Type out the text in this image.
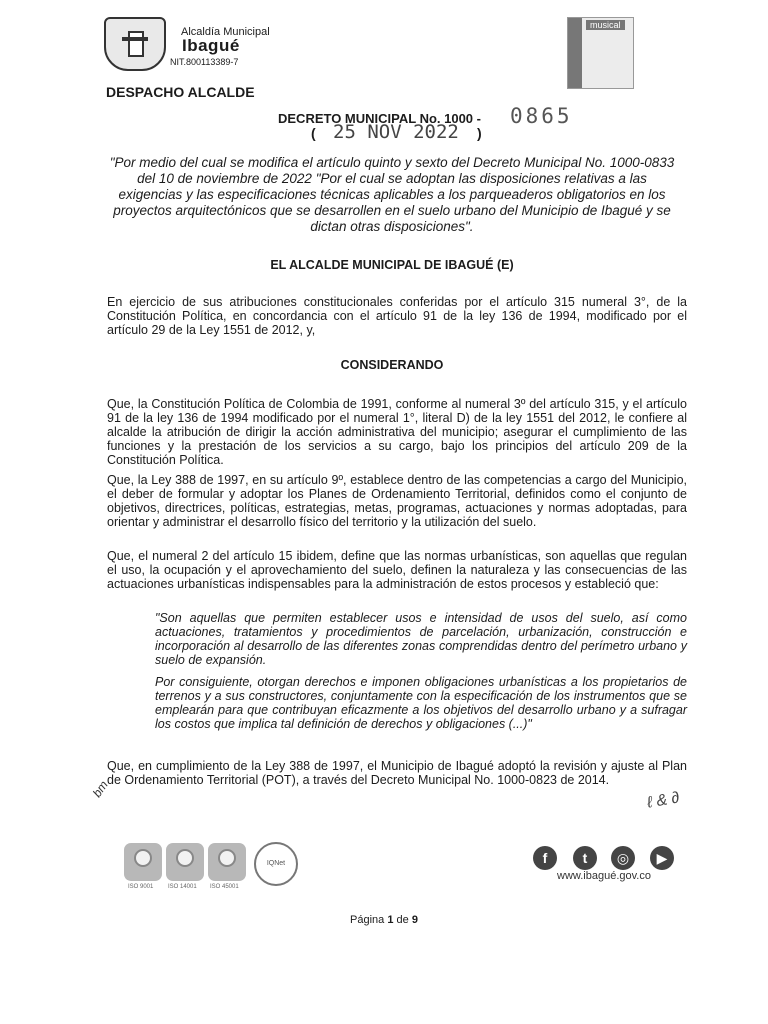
Alcaldía Municipal
Ibagué
NIT.800113389-7
musical
DESPACHO ALCALDE
DECRETO MUNICIPAL No. 1000 - 0865
( 25 NOV 2022 )
"Por medio del cual se modifica el artículo quinto y sexto del Decreto Municipal No. 1000-0833 del 10 de noviembre de 2022 "Por el cual se adoptan las disposiciones relativas a las exigencias y las especificaciones técnicas aplicables a los parqueaderos obligatorios en los proyectos arquitectónicos que se desarrollen en el suelo urbano del Municipio de Ibagué y se dictan otras disposiciones".
EL ALCALDE MUNICIPAL DE IBAGUÉ (E)
En ejercicio de sus atribuciones constitucionales conferidas por el artículo 315 numeral 3°, de la Constitución Política, en concordancia con el artículo 91 de la ley 136 de 1994, modificado por el artículo 29 de la Ley 1551 de 2012, y,
CONSIDERANDO
Que, la Constitución Política de Colombia de 1991, conforme al numeral 3º del artículo 315, y el artículo 91 de la ley 136 de 1994 modificado por el numeral 1°, literal D) de la ley 1551 del 2012, le confiere al alcalde la atribución de dirigir la acción administrativa del municipio; asegurar el cumplimiento de las funciones y la prestación de los servicios a su cargo, bajo los principios del artículo 209 de la Constitución Política.
Que, la Ley 388 de 1997, en su artículo 9º, establece dentro de las competencias a cargo del Municipio, el deber de formular y adoptar los Planes de Ordenamiento Territorial, definidos como el conjunto de objetivos, directrices, políticas, estrategias, metas, programas, actuaciones y normas adoptadas, para orientar y administrar el desarrollo físico del territorio y la utilización del suelo.
Que, el numeral 2 del artículo 15 ibidem, define que las normas urbanísticas, son aquellas que regulan el uso, la ocupación y el aprovechamiento del suelo, definen la naturaleza y las consecuencias de las actuaciones urbanísticas indispensables para la administración de estos procesos y estableció que:
"Son aquellas que permiten establecer usos e intensidad de usos del suelo, así como actuaciones, tratamientos y procedimientos de parcelación, urbanización, construcción e incorporación al desarrollo de las diferentes zonas comprendidas dentro del perímetro urbano y suelo de expansión.
Por consiguiente, otorgan derechos e imponen obligaciones urbanísticas a los propietarios de terrenos y a sus constructores, conjuntamente con la especificación de los instrumentos que se emplearán para que contribuyan eficazmente a los objetivos del desarrollo urbano y a sufragar los costos que implica tal definición de derechos y obligaciones (...)"
Que, en cumplimiento de la Ley 388 de 1997, el Municipio de Ibagué adoptó la revisión y ajuste al Plan de Ordenamiento Territorial (POT), a través del Decreto Municipal No. 1000-0823 de 2014.
bm
ℓ & ∂
ISO 9001 ISO 14001 ISO 45001
IQNet	f	t	◎	▶
www.ibagué.gov.co
Página 1 de 9
